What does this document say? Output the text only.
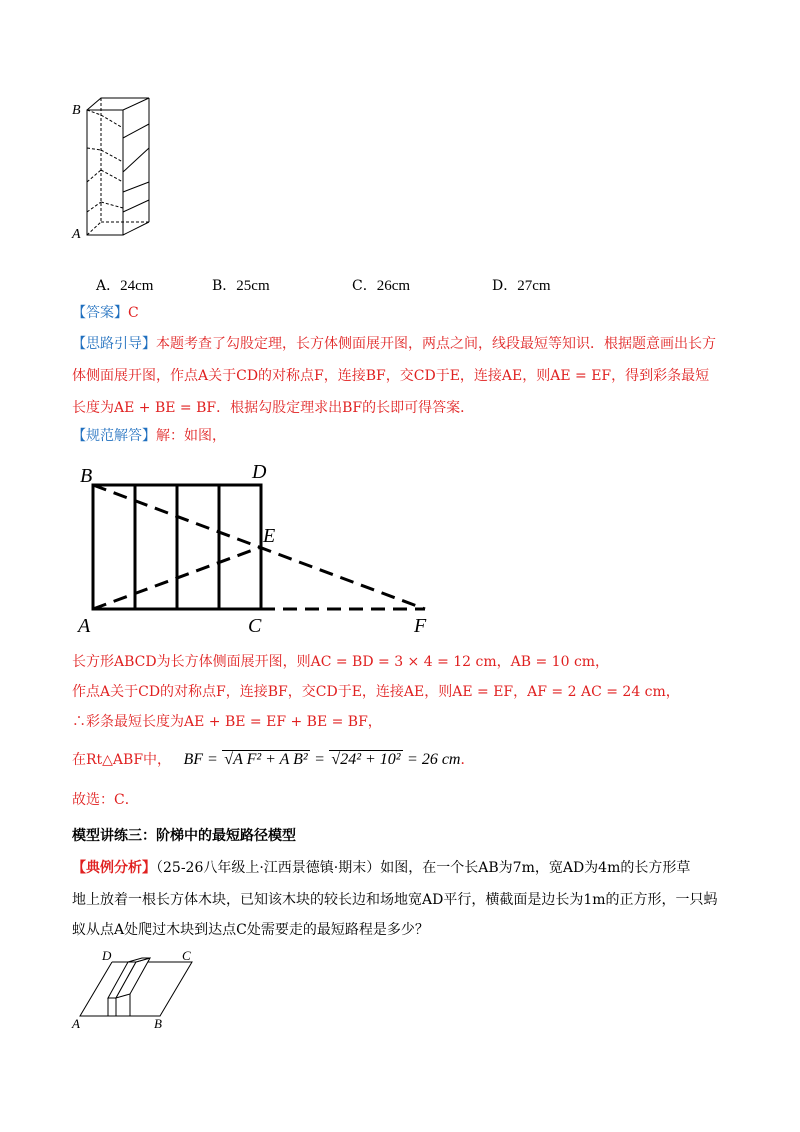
B
A
A．24cm	B．25cm	C．26cm	D．27cm
【答案】C
【思路引导】本题考查了勾股定理，长方体侧面展开图，两点之间，线段最短等知识．根据题意画出长方
体侧面展开图，作点A关于CD的对称点F，连接BF，交CD于E，连接AE，则AE = EF，得到彩条最短
长度为AE + BE = BF．根据勾股定理求出BF的长即可得答案．
【规范解答】解：如图，
B	D
E
A	C	F
长方形ABCD为长方体侧面展开图，则AC = BD = 3 × 4 = 12 cm，AB = 10 cm，
作点A关于CD的对称点F，连接BF，交CD于E，连接AE，则AE = EF，AF = 2 AC = 24 cm，
∴彩条最短长度为AE + BE = EF + BE = BF，
在Rt△ABF中， BF = √A F² + A B² = √24² + 10² = 26 cm．
故选：C．
模型讲练三：阶梯中的最短路径模型
【典例分析】（25-26八年级上·江西景德镇·期末）如图，在一个长AB为7m，宽AD为4m的长方形草
地上放着一根长方体木块，已知该木块的较长边和场地宽AD平行，横截面是边长为1m的正方形，一只蚂
蚁从点A处爬过木块到达点C处需要走的最短路程是多少？
D	C
A	B
